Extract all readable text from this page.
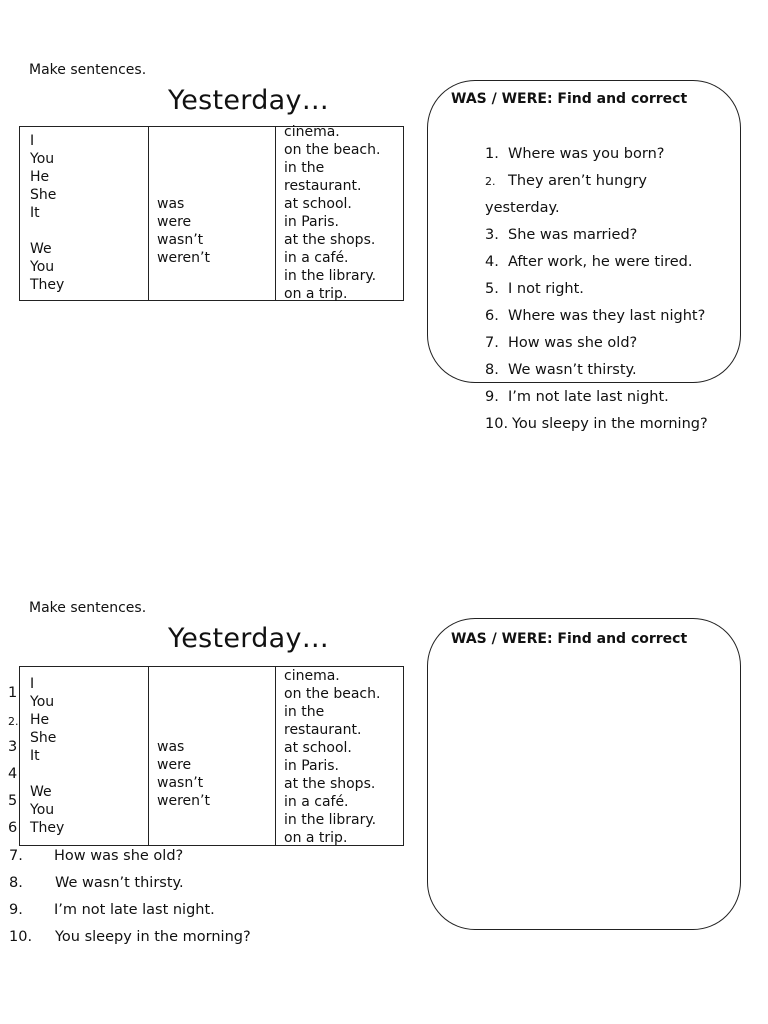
Make sentences.
Yesterday…
I
You
He
She
It
We
You
They
was
were
wasn’t
weren’t
cinema.
on the beach.
in the
restaurant.
at school.
in Paris.
at the shops.
in a café.
in the library.
on a trip.
WAS / WERE: Find and correct
1. Where was you born?
2. They aren’t hungry
yesterday.
3. She was married?
4. After work, he were tired.
5. I not right.
6. Where was they last night?
7. How was she old?
8. We wasn’t thirsty.
9. I’m not late last night.
10. You sleepy in the morning?
Make sentences.
Yesterday…
1
2.
3
4
5
6
I
You
He
She
It
We
You
They
was
were
wasn’t
weren’t
cinema.
on the beach.
in the
restaurant.
at school.
in Paris.
at the shops.
in a café.
in the library.
on a trip.
7. How was she old?
8. We wasn’t thirsty.
9. I’m not late last night.
10. You sleepy in the morning?
WAS / WERE: Find and correct
